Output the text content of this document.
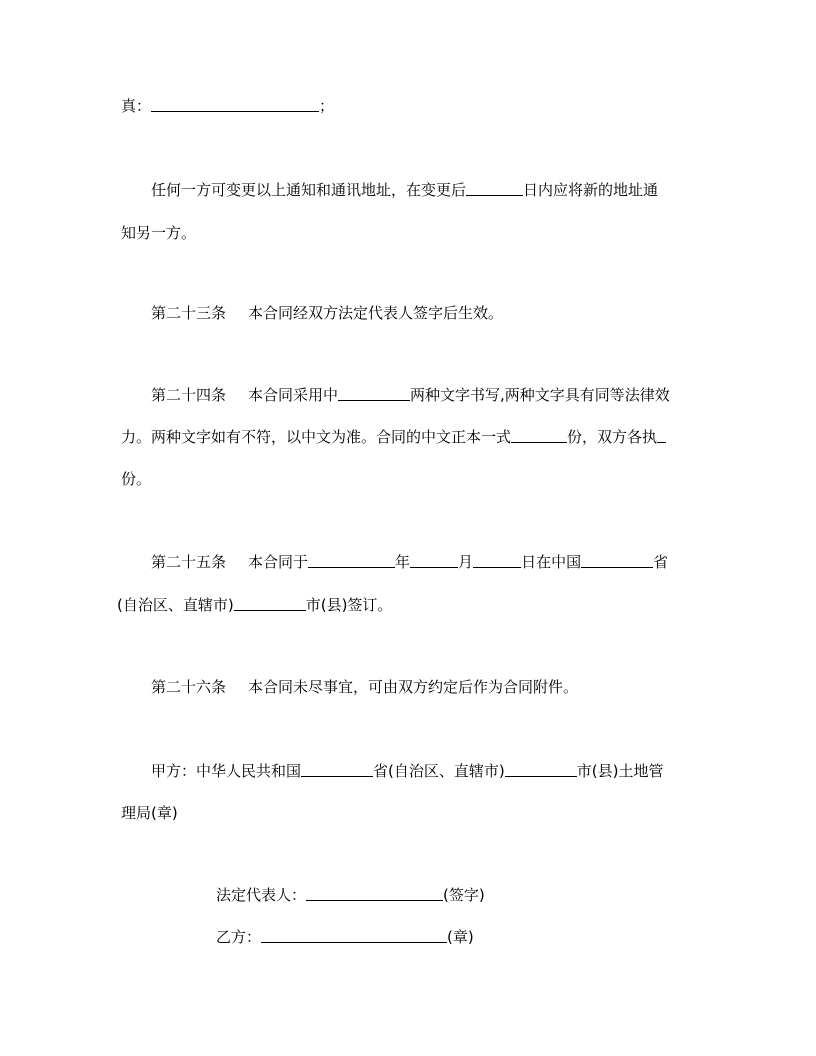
真：	；
任何一方可变更以上通知和通讯地址，在变更后	日内应将新的地址通
知另一方。
第二十三条 本合同经双方法定代表人签字后生效。
第二十四条 本合同采用中	两种文字书写,两种文字具有同等法律效
力。两种文字如有不符，以中文为准。合同的中文正本一式	份，双方各执
份。
第二十五条 本合同于	年	月	日在中国	省
(自治区、直辖市)	市(县)签订。
第二十六条 本合同未尽事宜，可由双方约定后作为合同附件。
甲方：中华人民共和国	省(自治区、直辖市)	市(县)土地管
理局(章)
法定代表人：	(签字)
乙方：	(章)
